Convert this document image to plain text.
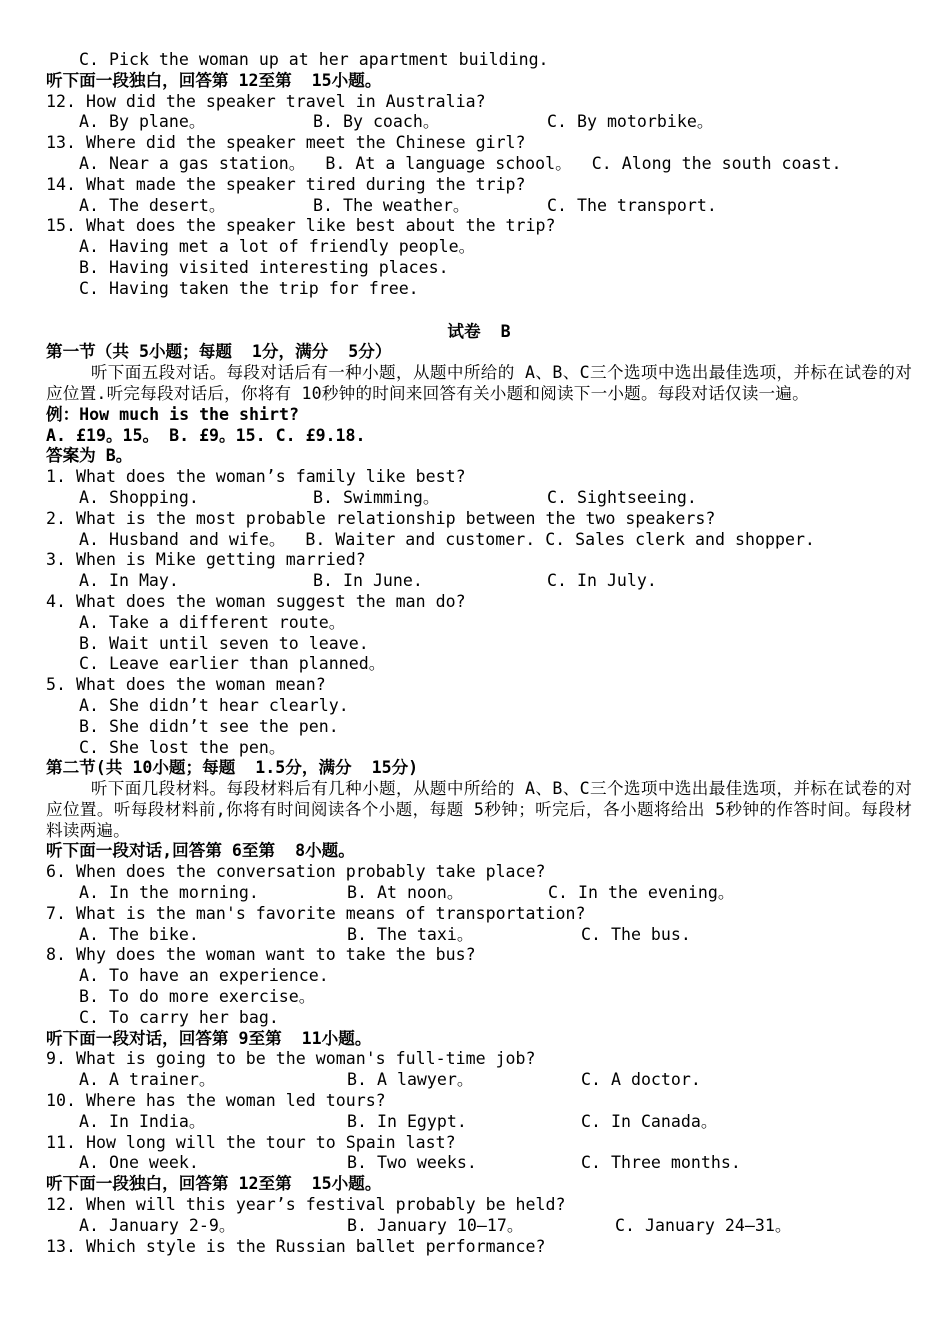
C. Pick the woman up at her apartment building.
听下面一段独白，回答第 12至第  15小题。
12. How did the speaker travel in Australia?
A. By plane。	B. By coach。	C. By motorbike。
13. Where did the speaker meet the Chinese girl?
A. Near a gas station。 B. At a language school。 C. Along the south coast.
14. What made the speaker tired during the trip?
A. The desert。	B. The weather。	C. The transport.
15. What does the speaker like best about the trip?
A. Having met a lot of friendly people。
B. Having visited interesting places.
C. Having taken the trip for free.
试卷  B
第一节（共 5小题；每题  1分，满分  5分）
听下面五段对话。每段对话后有一种小题，从题中所给的 A、B、C三个选项中选出最佳选项，并标在试卷的对应位置.听完每段对话后，你将有 10秒钟的时间来回答有关小题和阅读下一小题。每段对话仅读一遍。
例：How much is the shirt?
A. £19。15。 B. £9。15. C. £9.18.
答案为 B。
1. What does the woman’s family like best?
A. Shopping.	B. Swimming。	C. Sightseeing.
2. What is the most probable relationship between the two speakers?
A. Husband and wife。 B. Waiter and customer. C. Sales clerk and shopper.
3. When is Mike getting married?
A. In May.	B. In June.	C. In July.
4. What does the woman suggest the man do?
A. Take a different route。
B. Wait until seven to leave.
C. Leave earlier than planned。
5. What does the woman mean?
A. She didn’t hear clearly.
B. She didn’t see the pen.
C. She lost the pen。
第二节(共 10小题；每题  1.5分，满分  15分)
听下面几段材料。每段材料后有几种小题，从题中所给的 A、B、C三个选项中选出最佳选项，并标在试卷的对应位置。听每段材料前,你将有时间阅读各个小题，每题 5秒钟；听完后，各小题将给出 5秒钟的作答时间。每段材料读两遍。
听下面一段对话,回答第 6至第  8小题。
6. When does the conversation probably take place?
A. In the morning.	B. At noon。	C. In the evening。
7. What is the man's favorite means of transportation?
A. The bike.	B. The taxi。	C. The bus.
8. Why does the woman want to take the bus?
A. To have an experience.
B. To do more exercise。
C. To carry her bag.
听下面一段对话，回答第 9至第  11小题。
9. What is going to be the woman's full-time job?
A. A trainer。	B. A lawyer。	C. A doctor.
10. Where has the woman led tours?
A. In India。	B. In Egypt.	C. In Canada。
11. How long will the tour to Spain last?
A. One week.	B. Two weeks.	C. Three months.
听下面一段独白，回答第 12至第  15小题。
12. When will this year’s festival probably be held?
A. January 2-9。	B. January 10—17。	C. January 24—31。
13. Which style is the Russian ballet performance?
